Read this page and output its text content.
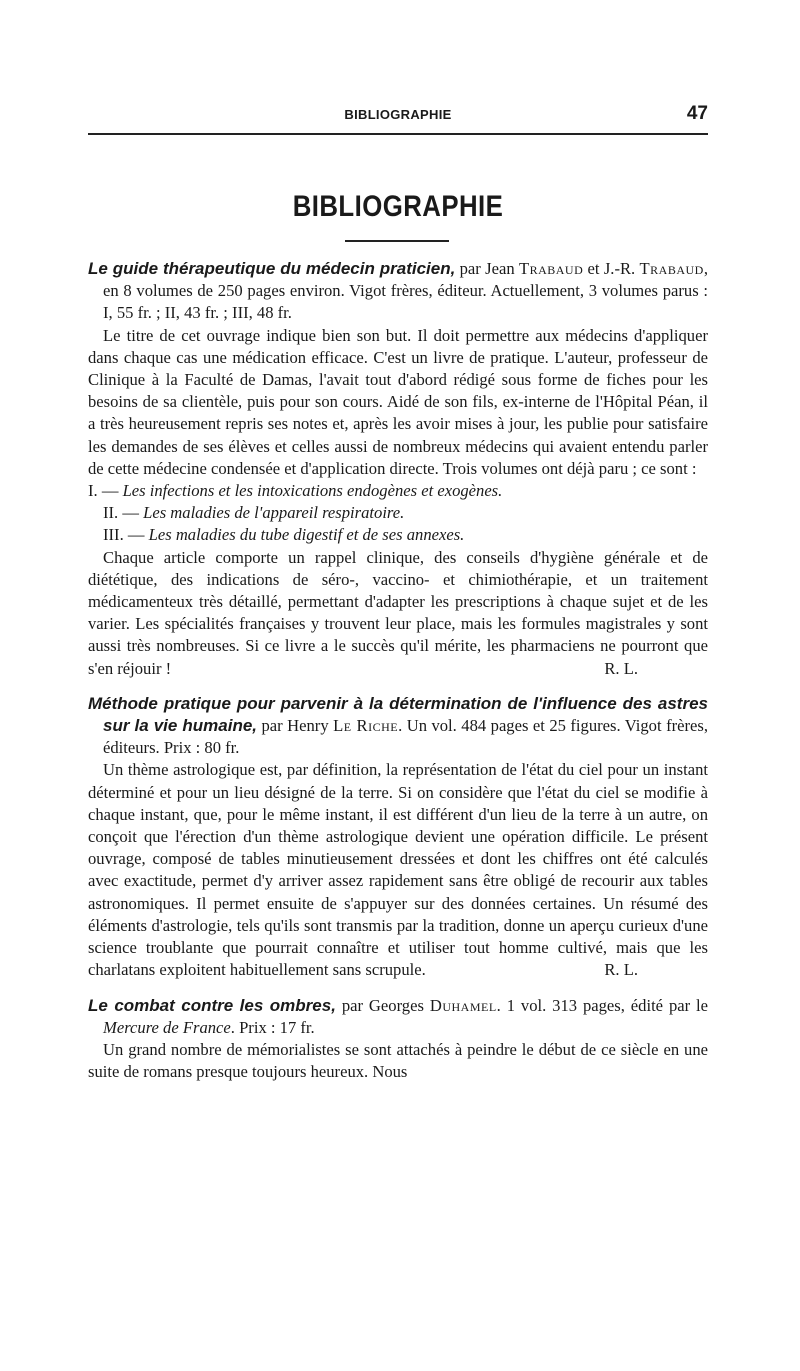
BIBLIOGRAPHIE	47
BIBLIOGRAPHIE

Le guide thérapeutique du médecin praticien, par Jean Trabaud et J.-R. Trabaud, en 8 volumes de 250 pages environ. Vigot frères, éditeur. Actuellement, 3 volumes parus : I, 55 fr. ; II, 43 fr. ; III, 48 fr.

Le titre de cet ouvrage indique bien son but. Il doit permettre aux médecins d'appliquer dans chaque cas une médication efficace. C'est un livre de pratique. L'auteur, professeur de Clinique à la Faculté de Damas, l'avait tout d'abord rédigé sous forme de fiches pour les besoins de sa clientèle, puis pour son cours. Aidé de son fils, ex-interne de l'Hôpital Péan, il a très heureusement repris ses notes et, après les avoir mises à jour, les publie pour satisfaire les demandes de ses élèves et celles aussi de nombreux médecins qui avaient entendu parler de cette médecine condensée et d'application directe. Trois volumes ont déjà paru ; ce sont :

I. — Les infections et les intoxications endogènes et exogènes.

II. — Les maladies de l'appareil respiratoire.

III. — Les maladies du tube digestif et de ses annexes.

Chaque article comporte un rappel clinique, des conseils d'hygiène générale et de diététique, des indications de séro-, vaccino- et chimiothérapie, et un traitement médicamenteux très détaillé, permettant d'adapter les prescriptions à chaque sujet et de les varier. Les spécialités françaises y trouvent leur place, mais les formules magistrales y sont aussi très nombreuses. Si ce livre a le succès qu'il mérite, les pharmaciens ne pourront que s'en réjouir !	R. L.

Méthode pratique pour parvenir à la détermination de l'influence des astres sur la vie humaine, par Henry Le Riche. Un vol. 484 pages et 25 figures. Vigot frères, éditeurs. Prix : 80 fr.

Un thème astrologique est, par définition, la représentation de l'état du ciel pour un instant déterminé et pour un lieu désigné de la terre. Si on considère que l'état du ciel se modifie à chaque instant, que, pour le même instant, il est différent d'un lieu de la terre à un autre, on conçoit que l'érection d'un thème astrologique devient une opération difficile. Le présent ouvrage, composé de tables minutieusement dressées et dont les chiffres ont été calculés avec exactitude, permet d'y arriver assez rapidement sans être obligé de recourir aux tables astronomiques. Il permet ensuite de s'appuyer sur des données certaines. Un résumé des éléments d'astrologie, tels qu'ils sont transmis par la tradition, donne un aperçu curieux d'une science troublante que pourrait connaître et utiliser tout homme cultivé, mais que les charlatans exploitent habituellement sans scrupule.	R. L.

Le combat contre les ombres, par Georges Duhamel. 1 vol. 313 pages, édité par le Mercure de France. Prix : 17 fr.

Un grand nombre de mémorialistes se sont attachés à peindre le début de ce siècle en une suite de romans presque toujours heureux. Nous
